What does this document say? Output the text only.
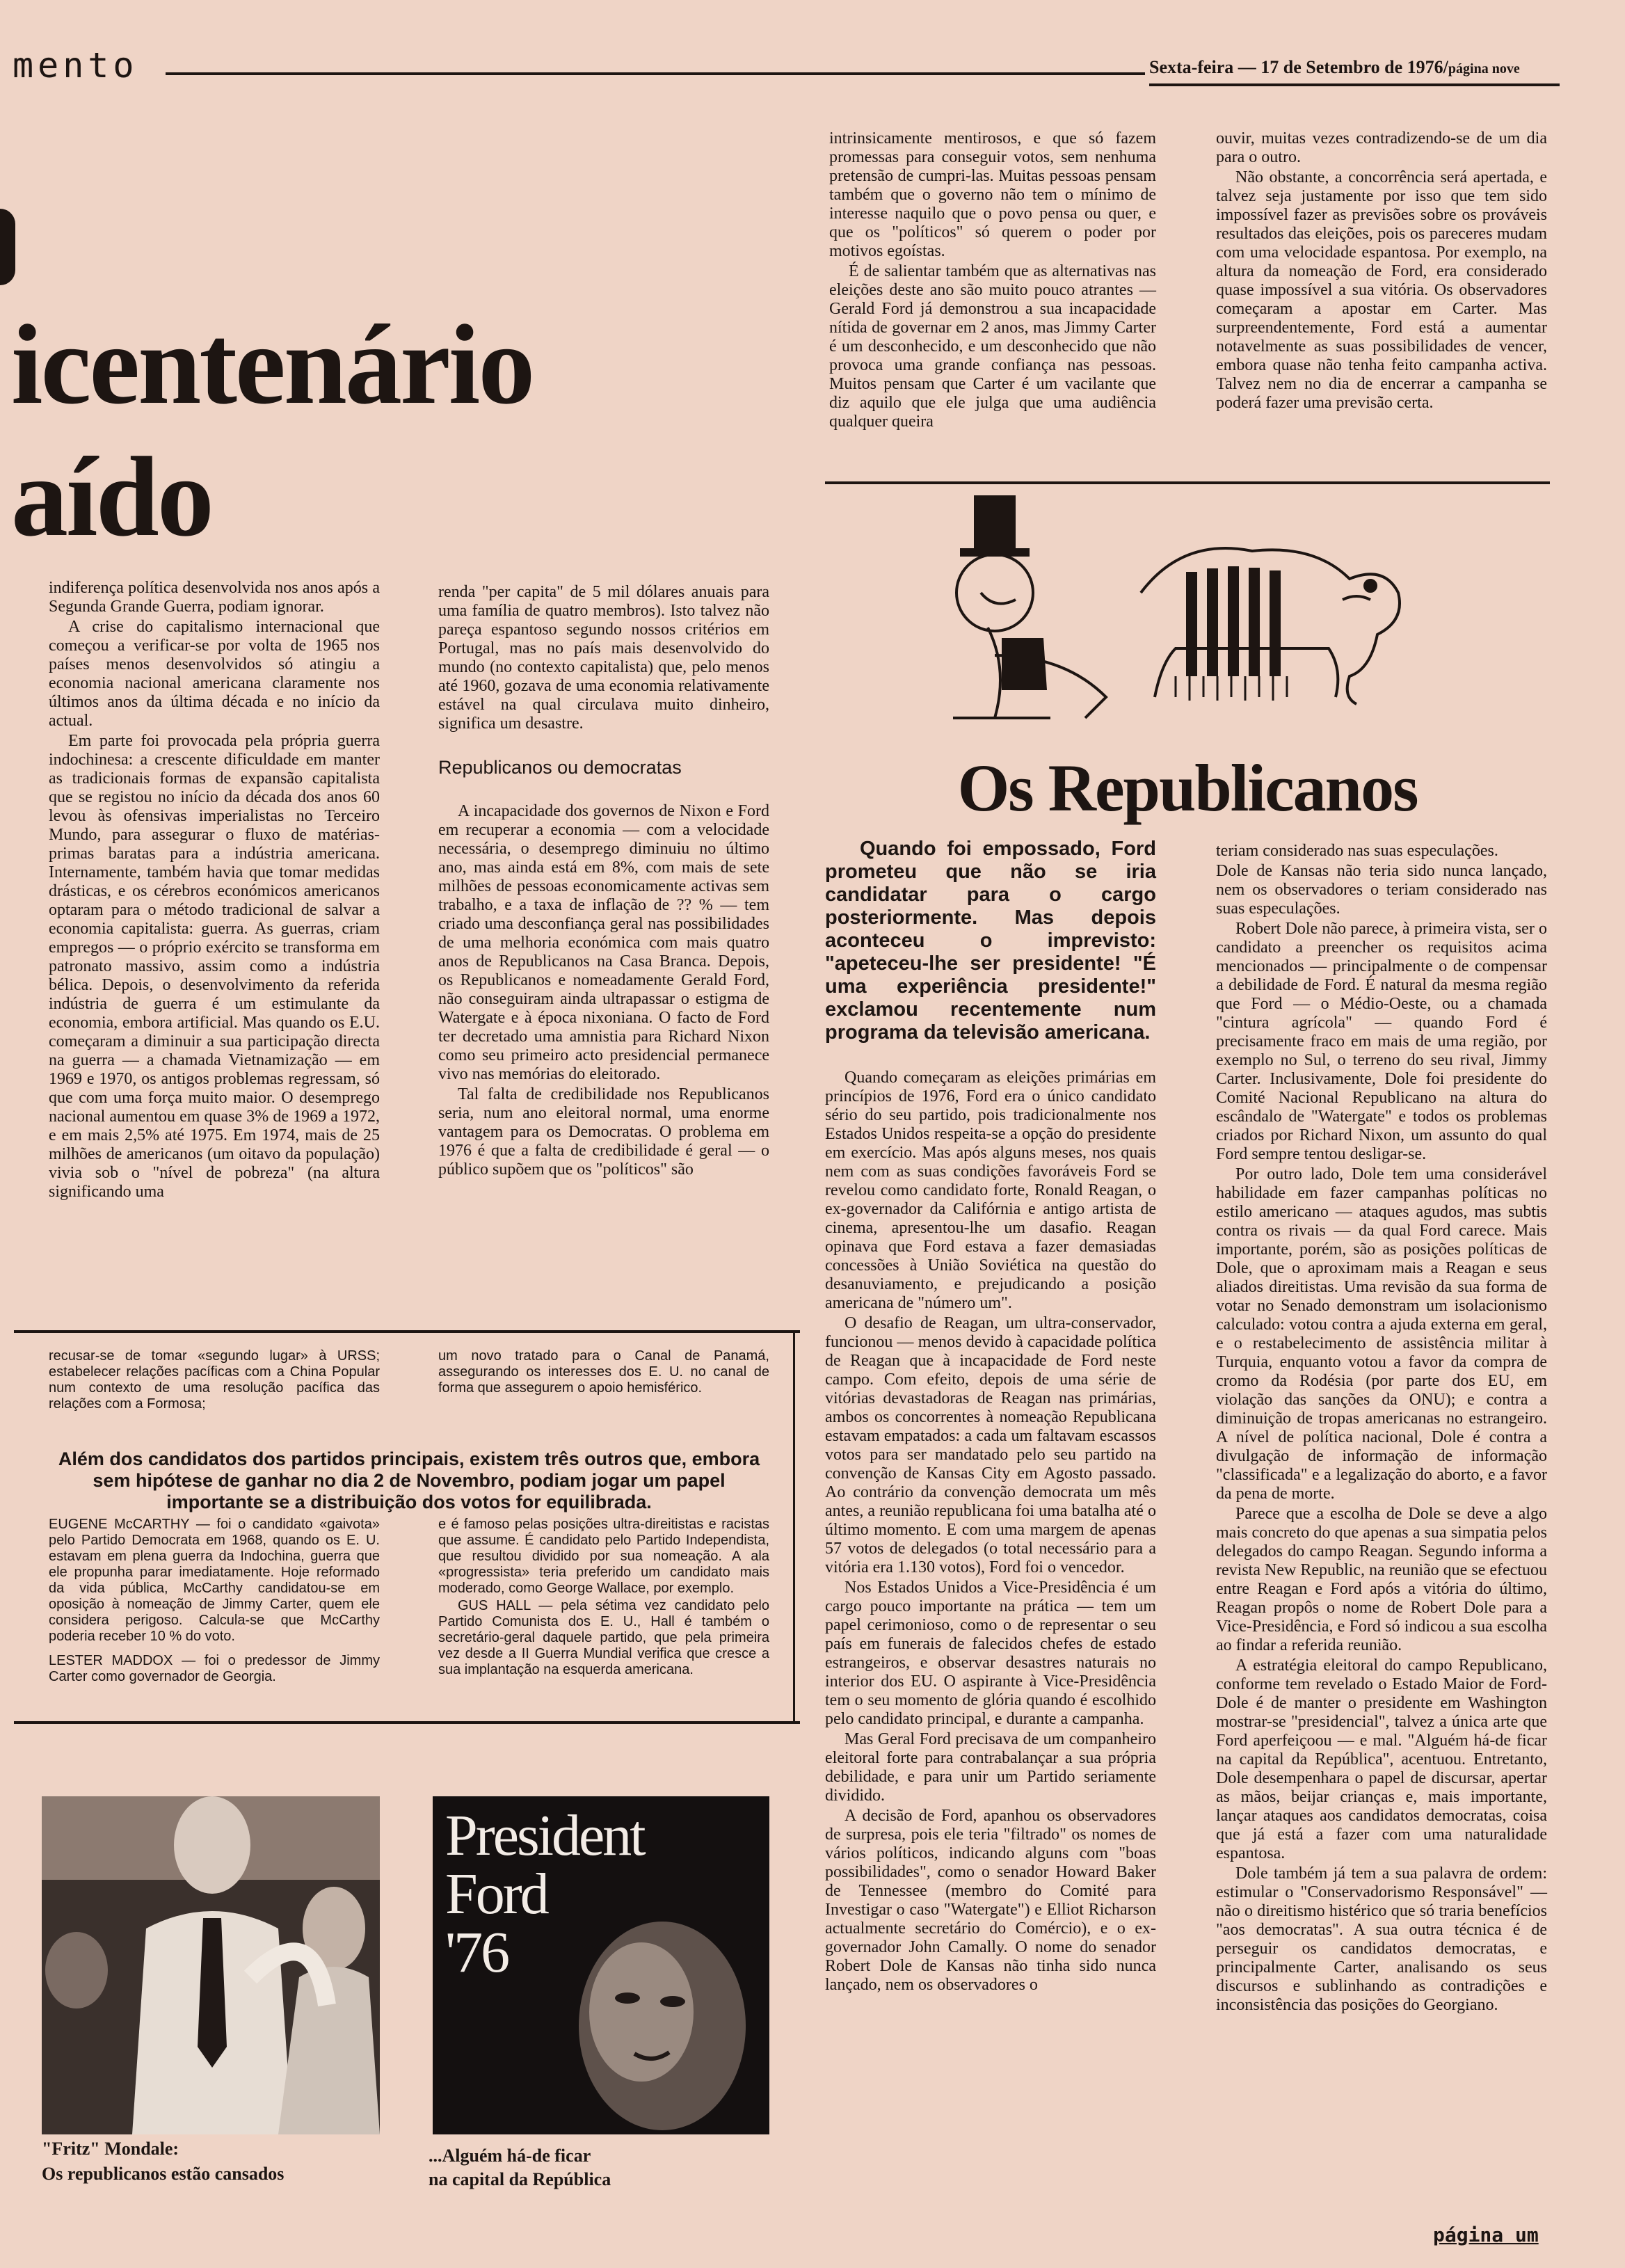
mento	Sexta-feira — 17 de Setembro de 1976/página nove
icentenário
aído

indiferença política desenvolvida nos anos após a Segunda Grande Guerra, podiam ignorar.

A crise do capitalismo internacional que começou a verificar-se por volta de 1965 nos países menos desenvolvidos só atingiu a economia nacional americana claramente nos últimos anos da última década e no início da actual.

Em parte foi provocada pela própria guerra indochinesa: a crescente dificuldade em manter as tradicionais formas de expansão capitalista que se registou no início da década dos anos 60 levou às ofensivas imperialistas no Terceiro Mundo, para assegurar o fluxo de matérias-primas baratas para a indústria americana. Internamente, também havia que tomar medidas drásticas, e os cérebros económicos americanos optaram para o método tradicional de salvar a economia capitalista: guerra. As guerras, criam empregos — o próprio exército se transforma em patronato massivo, assim como a indústria bélica. Depois, o desenvolvimento da referida indústria de guerra é um estimulante da economia, embora artificial. Mas quando os E.U. começaram a diminuir a sua participação directa na guerra — a chamada Vietnamização — em 1969 e 1970, os antigos problemas regressam, só que com uma força muito maior. O desemprego nacional aumentou em quase 3% de 1969 a 1972, e em mais 2,5% até 1975. Em 1974, mais de 25 milhões de americanos (um oitavo da população) vivia sob o "nível de pobreza" (na altura significando uma

renda "per capita" de 5 mil dólares anuais para uma família de quatro membros). Isto talvez não pareça espantoso segundo nossos critérios em Portugal, mas no país mais desenvolvido do mundo (no contexto capitalista) que, pelo menos até 1960, gozava de uma economia relativamente estável na qual circulava muito dinheiro, significa um desastre.

Republicanos ou democratas

A incapacidade dos governos de Nixon e Ford em recuperar a economia — com a velocidade necessária, o desemprego diminuiu no último ano, mas ainda está em 8%, com mais de sete milhões de pessoas economicamente activas sem trabalho, e a taxa de inflação de ?? % — tem criado uma desconfiança geral nas possibilidades de uma melhoria económica com mais quatro anos de Republicanos na Casa Branca. Depois, os Republicanos e nomeadamente Gerald Ford, não conseguiram ainda ultrapassar o estigma de Watergate e à época nixoniana. O facto de Ford ter decretado uma amnistia para Richard Nixon como seu primeiro acto presidencial permanece vivo nas memórias do eleitorado.

Tal falta de credibilidade nos Republicanos seria, num ano eleitoral normal, uma enorme vantagem para os Democratas. O problema em 1976 é que a falta de credibilidade é geral — o público supõem que os "políticos" são

recusar-se de tomar «segundo lugar» à URSS; estabelecer relações pacíficas com a China Popular num contexto de uma resolução pacífica das relações com a Formosa;
um novo tratado para o Canal de Panamá, assegurando os interesses dos E. U. no canal de forma que assegurem o apoio hemisférico.
Além dos candidatos dos partidos principais, existem três outros que, embora sem hipótese de ganhar no dia 2 de Novembro, podiam jogar um papel importante se a distribuição dos votos for equilibrada.

EUGENE McCARTHY — foi o candidato «gaivota» pelo Partido Democrata em 1968, quando os E. U. estavam em plena guerra da Indochina, guerra que ele propunha parar imediatamente. Hoje reformado da vida pública, McCarthy candidatou-se em oposição à nomeação de Jimmy Carter, quem ele considera perigoso. Calcula-se que McCarthy poderia receber 10 % do voto.

LESTER MADDOX — foi o predessor de Jimmy Carter como governador de Georgia.

e é famoso pelas posições ultra-direitistas e racistas que assume. É candidato pelo Partido Independista, que resultou dividido por sua nomeação. A ala «progressista» teria preferido um candidato mais moderado, como George Wallace, por exemplo.

GUS HALL — pela sétima vez candidato pelo Partido Comunista dos E. U., Hall é também o secretário-geral daquele partido, que pela primeira vez desde a II Guerra Mundial verifica que cresce a sua implantação na esquerda americana.

"Fritz" Mondale:
Os republicanos estão cansados
President
Ford
'76
...Alguém há-de ficar
na capital da República

intrinsicamente mentirosos, e que só fazem promessas para conseguir votos, sem nenhuma pretensão de cumpri-las. Muitas pessoas pensam também que o governo não tem o mínimo de interesse naquilo que o povo pensa ou quer, e que os "políticos" só querem o poder por motivos egoístas.

É de salientar também que as alternativas nas eleições deste ano são muito pouco atrantes — Gerald Ford já demonstrou a sua incapacidade nítida de governar em 2 anos, mas Jimmy Carter é um desconhecido, e um desconhecido que não provoca uma grande confiança nas pessoas. Muitos pensam que Carter é um vacilante que diz aquilo que ele julga que uma audiência qualquer queira

ouvir, muitas vezes contradizendo-se de um dia para o outro.

Não obstante, a concorrência será apertada, e talvez seja justamente por isso que tem sido impossível fazer as previsões sobre os prováveis resultados das eleições, pois os pareceres mudam com uma velocidade espantosa. Por exemplo, na altura da nomeação de Ford, era considerado quase impossível a sua vitória. Os observadores começaram a apostar em Carter. Mas surpreendentemente, Ford está a aumentar notavelmente as suas possibilidades de vencer, embora quase não tenha feito campanha activa. Talvez nem no dia de encerrar a campanha se poderá fazer uma previsão certa.

Os Republicanos
Quando foi empossado, Ford prometeu que não se iria candidatar para o cargo posteriormente. Mas depois aconteceu o imprevisto: "apeteceu-lhe ser presidente! "É uma experiência presidente!" exclamou recentemente num programa da televisão americana.

Quando começaram as eleições primárias em princípios de 1976, Ford era o único candidato sério do seu partido, pois tradicionalmente nos Estados Unidos respeita-se a opção do presidente em exercício. Mas após alguns meses, nos quais nem com as suas condições favoráveis Ford se revelou como candidato forte, Ronald Reagan, o ex-governador da Califórnia e antigo artista de cinema, apresentou-lhe um dasafio. Reagan opinava que Ford estava a fazer demasiadas concessões à União Soviética na questão do desanuviamento, e prejudicando a posição americana de "número um".

O desafio de Reagan, um ultra-conservador, funcionou — menos devido à capacidade política de Reagan que à incapacidade de Ford neste campo. Com efeito, depois de uma série de vitórias devastadoras de Reagan nas primárias, ambos os concorrentes à nomeação Republicana estavam empatados: a cada um faltavam escassos votos para ser mandatado pelo seu partido na convenção de Kansas City em Agosto passado. Ao contrário da convenção democrata um mês antes, a reunião republicana foi uma batalha até o último momento. E com uma margem de apenas 57 votos de delegados (o total necessário para a vitória era 1.130 votos), Ford foi o vencedor.

Nos Estados Unidos a Vice-Presidência é um cargo pouco importante na prática — tem um papel cerimonioso, como o de representar o seu país em funerais de falecidos chefes de estado estrangeiros, e observar desastres naturais no interior dos EU. O aspirante à Vice-Presidência tem o seu momento de glória quando é escolhido pelo candidato principal, e durante a campanha.

Mas Geral Ford precisava de um companheiro eleitoral forte para contrabalançar a sua própria debilidade, e para unir um Partido seriamente dividido.

A decisão de Ford, apanhou os observadores de surpresa, pois ele teria "filtrado" os nomes de vários políticos, indicando alguns com "boas possibilidades", como o senador Howard Baker de Tennessee (membro do Comité para Investigar o caso "Watergate") e Elliot Richarson actualmente secretário do Comércio), e o ex-governador John Camally. O nome do senador Robert Dole de Kansas não tinha sido nunca lançado, nem os observadores o

teriam considerado nas suas especulações.

Dole de Kansas não teria sido nunca lançado, nem os observadores o teriam considerado nas suas especulações.

Robert Dole não parece, à primeira vista, ser o candidato a preencher os requisitos acima mencionados — principalmente o de compensar a debilidade de Ford. É natural da mesma região que Ford — o Médio-Oeste, ou a chamada "cintura agrícola" — quando Ford é precisamente fraco em mais de uma região, por exemplo no Sul, o terreno do seu rival, Jimmy Carter. Inclusivamente, Dole foi presidente do Comité Nacional Republicano na altura do escândalo de "Watergate" e todos os problemas criados por Richard Nixon, um assunto do qual Ford sempre tentou desligar-se.

Por outro lado, Dole tem uma considerável habilidade em fazer campanhas políticas no estilo americano — ataques agudos, mas subtis contra os rivais — da qual Ford carece. Mais importante, porém, são as posições políticas de Dole, que o aproximam mais a Reagan e seus aliados direitistas. Uma revisão da sua forma de votar no Senado demonstram um isolacionismo calculado: votou contra a ajuda externa em geral, e o restabelecimento de assistência militar à Turquia, enquanto votou a favor da compra de cromo da Rodésia (por parte dos EU, em violação das sanções da ONU); e contra a diminuição de tropas americanas no estrangeiro. A nível de política nacional, Dole é contra a divulgação de informação de informação "classificada" e a legalização do aborto, e a favor da pena de morte.

Parece que a escolha de Dole se deve a algo mais concreto do que apenas a sua simpatia pelos delegados do campo Reagan. Segundo informa a revista New Republic, na reunião que se efectuou entre Reagan e Ford após a vitória do último, Reagan propôs o nome de Robert Dole para a Vice-Presidência, e Ford só indicou a sua escolha ao findar a referida reunião.

A estratégia eleitoral do campo Republicano, conforme tem revelado o Estado Maior de Ford-Dole é de manter o presidente em Washington mostrar-se "presidencial", talvez a única arte que Ford aperfeiçoou — e mal. "Alguém há-de ficar na capital da República", acentuou. Entretanto, Dole desempenhara o papel de discursar, apertar as mãos, beijar crianças e, mais importante, lançar ataques aos candidatos democratas, coisa que já está a fazer com uma naturalidade espantosa.

Dole também já tem a sua palavra de ordem: estimular o "Conservadorismo Responsável" — não o direitismo histérico que só traria benefícios "aos democratas". A sua outra técnica é de perseguir os candidatos democratas, e principalmente Carter, analisando os seus discursos e sublinhando as contradições e inconsistência das posições do Georgiano.

página um
